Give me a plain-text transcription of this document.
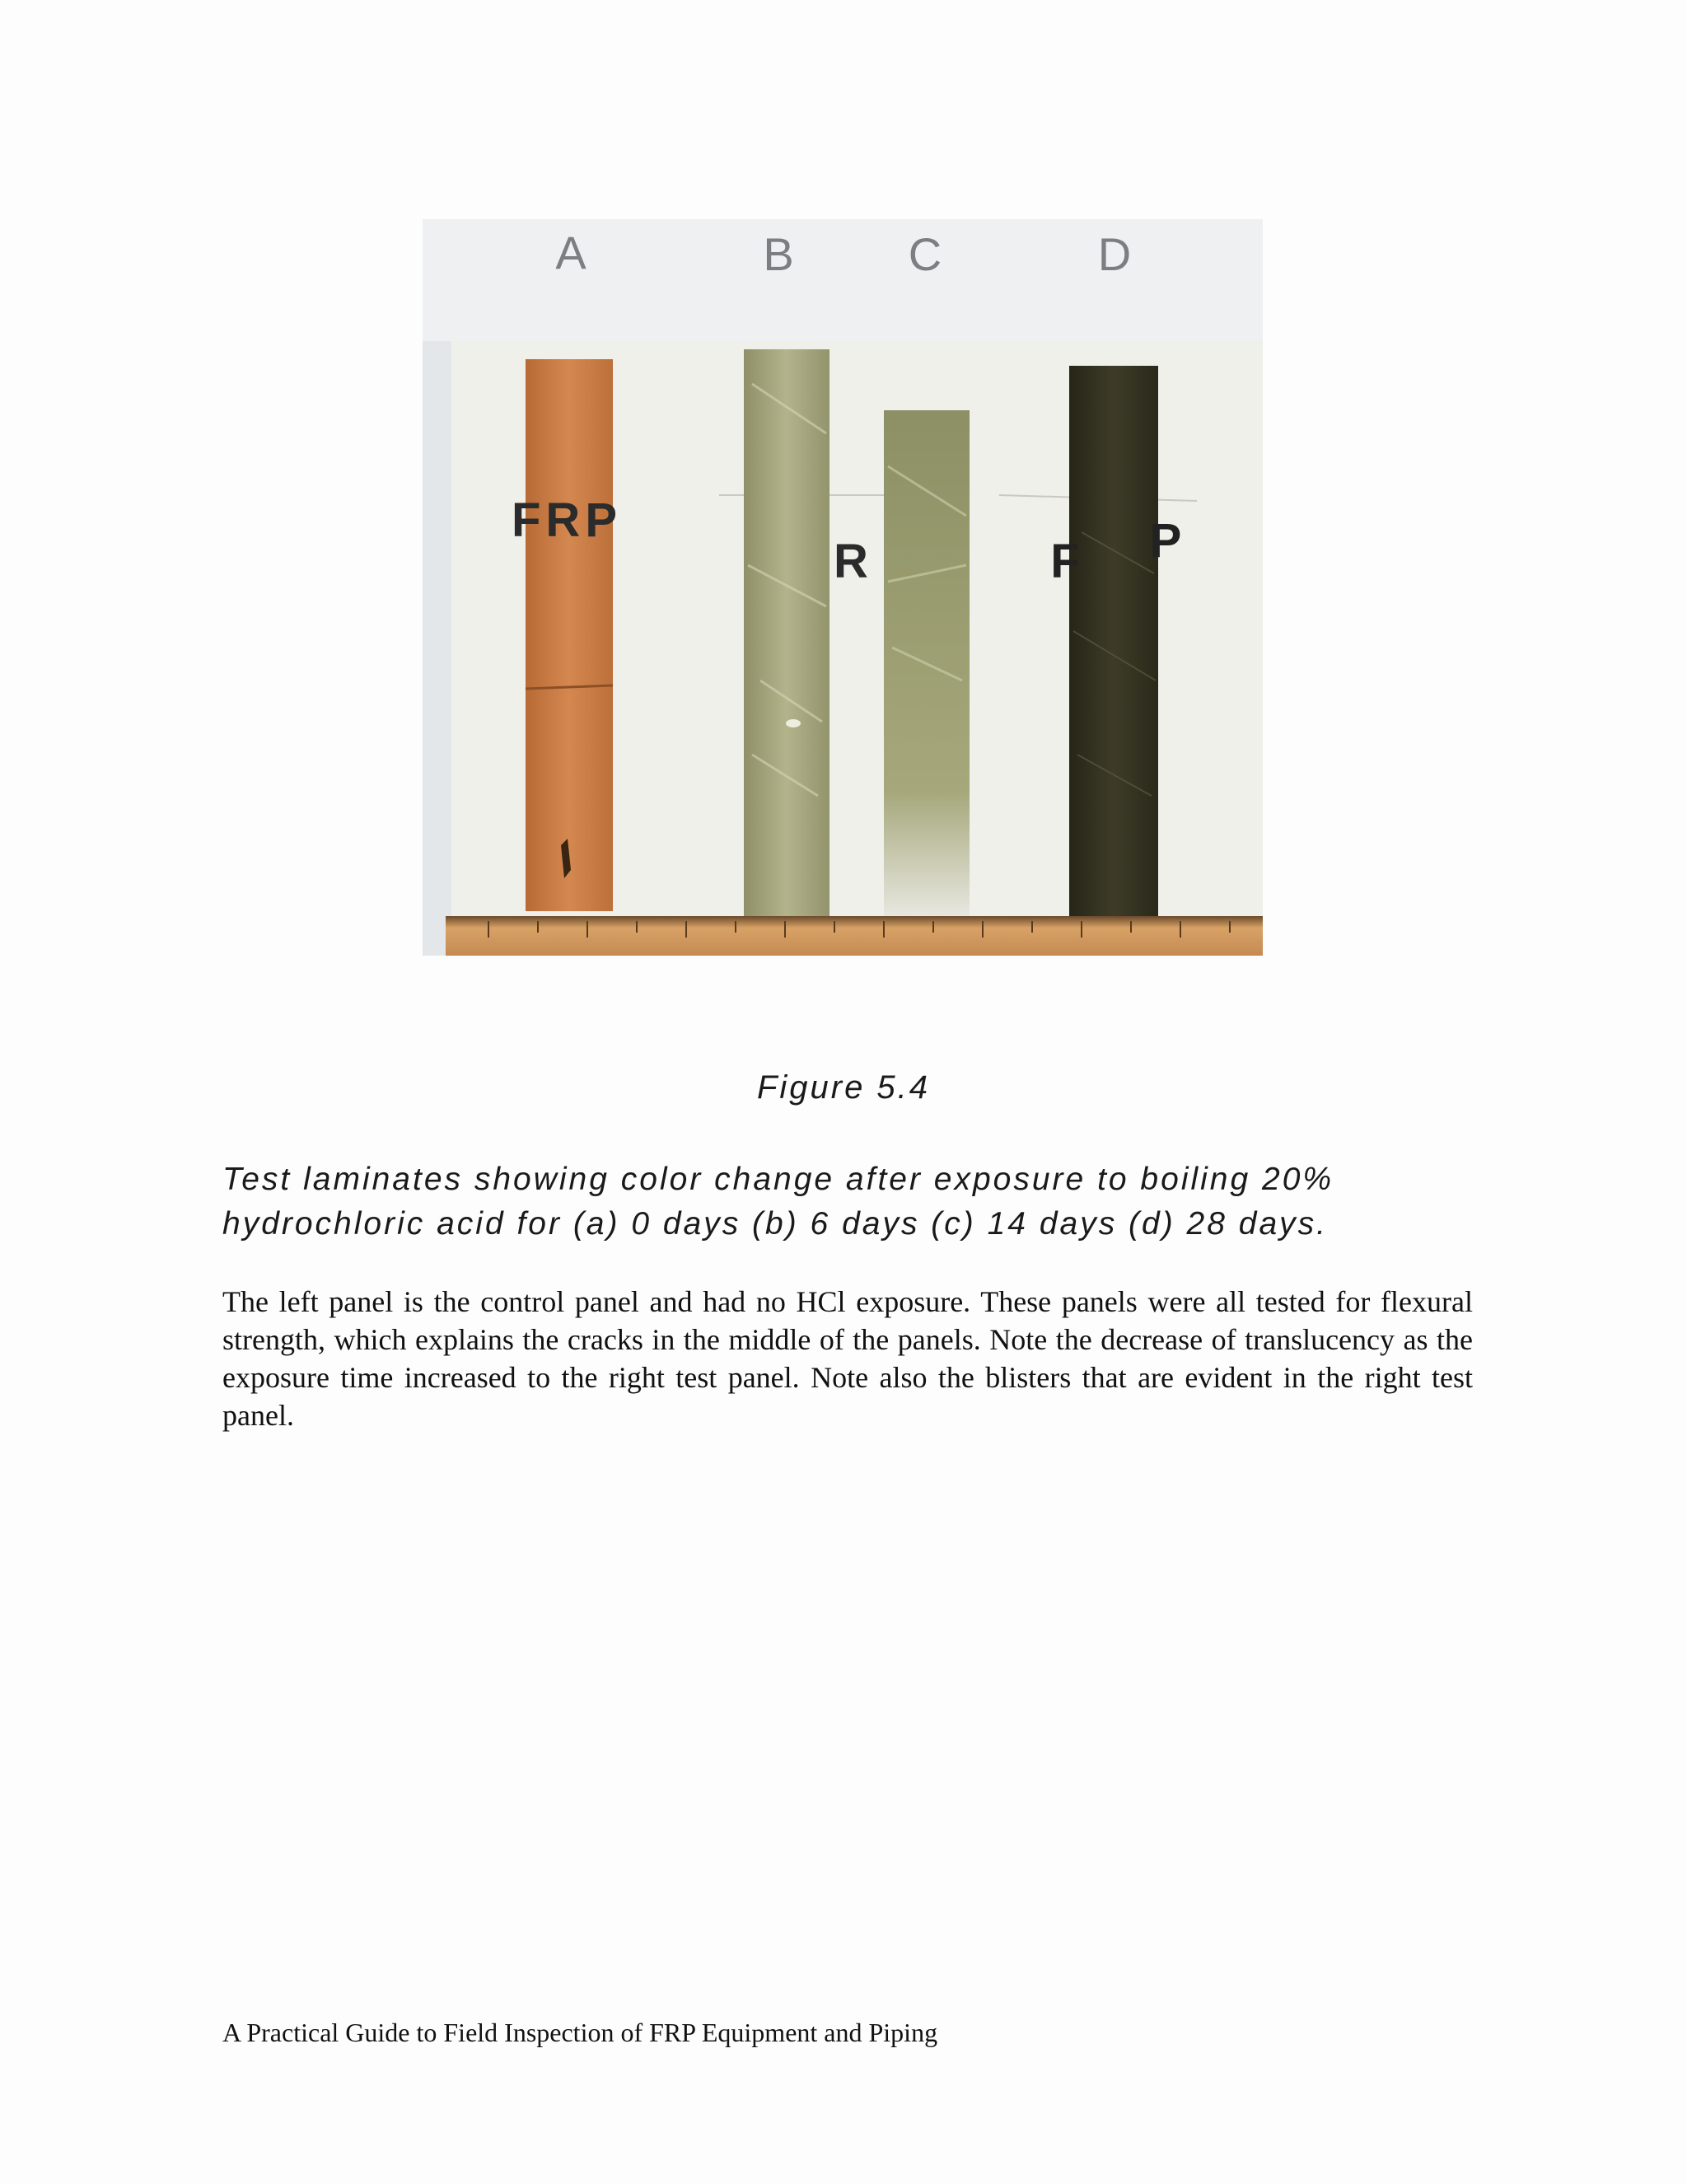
A	B C	D
FRP
R	F P
Figure 5.4
Test laminates showing color change after exposure to boiling 20% hydrochloric acid for (a) 0 days (b) 6 days (c) 14 days (d) 28 days.
The left panel is the control panel and had no HCl exposure. These panels were all tested for flexural strength, which explains the cracks in the middle of the panels. Note the decrease of translucency as the exposure time increased to the right test panel. Note also the blisters that are evident in the right test panel.
A Practical Guide to Field Inspection of FRP Equipment and Piping
